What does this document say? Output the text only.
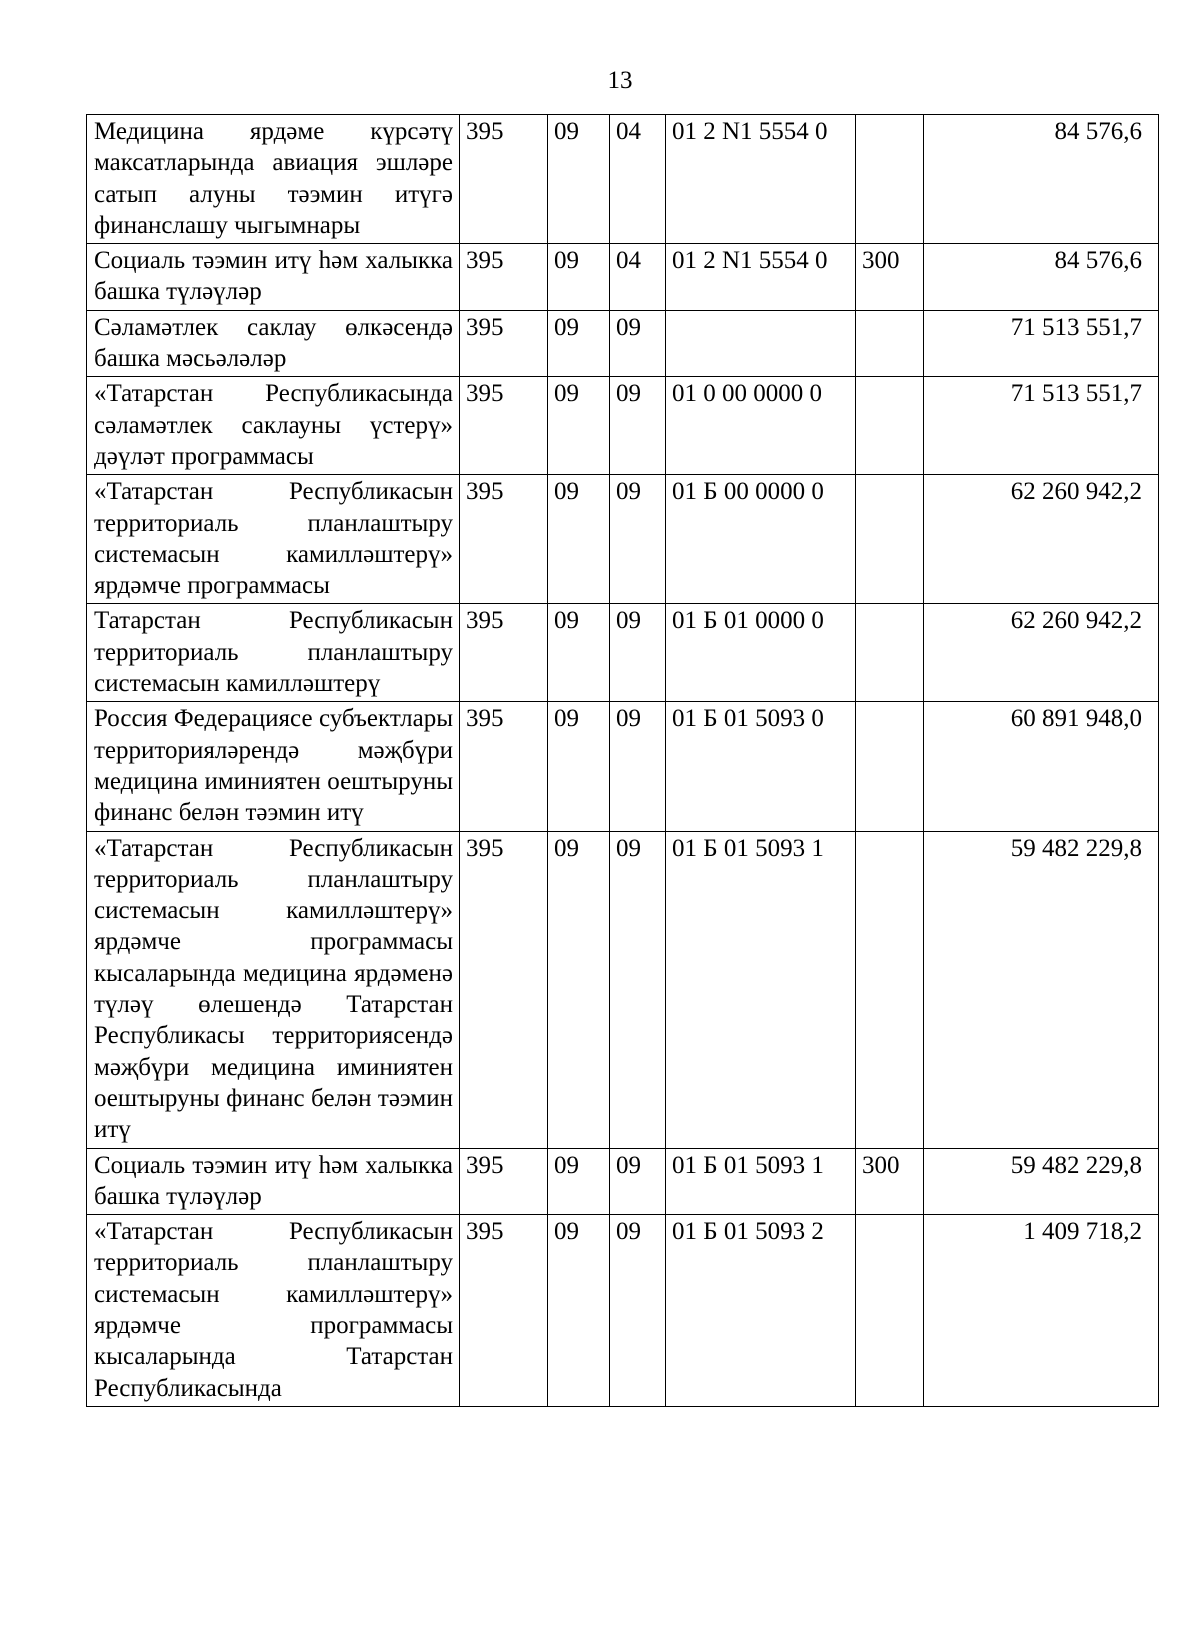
13
Медицина ярдәме күрсәтү максатларында авиация эшләре сатып алуны тәэмин итүгә финанслашу чыгымнары	395	09	04	01 2 N1 5554 0		84 576,6
Социаль тәэмин итү һәм халыкка башка түләүләр	395	09	04	01 2 N1 5554 0	300	84 576,6
Сәламәтлек саклау өлкәсендә башка мәсьәләләр	395	09	09			71 513 551,7
«Татарстан Республикасында сәламәтлек саклауны үстерү» дәүләт программасы	395	09	09	01 0 00 0000 0		71 513 551,7
«Татарстан Республикасын территориаль планлаштыру системасын камилләштерү» ярдәмче программасы	395	09	09	01 Б 00 0000 0		62 260 942,2
Татарстан Республикасын территориаль планлаштыру системасын камилләштерү	395	09	09	01 Б 01 0000 0		62 260 942,2
Россия Федерациясе субъектлары территорияләрендә мәҗбүри медицина иминиятен оештыруны финанс белән тәэмин итү	395	09	09	01 Б 01 5093 0		60 891 948,0
«Татарстан Республикасын территориаль планлаштыру системасын камилләштерү» ярдәмче программасы кысаларында медицина ярдәменә түләү өлешендә Татарстан Республикасы территориясендә мәҗбүри медицина иминиятен оештыруны финанс белән тәэмин итү	395	09	09	01 Б 01 5093 1		59 482 229,8
Социаль тәэмин итү һәм халыкка башка түләүләр	395	09	09	01 Б 01 5093 1	300	59 482 229,8
«Татарстан Республикасын территориаль планлаштыру системасын камилләштерү» ярдәмче программасы кысаларында Татарстан Республикасында	395	09	09	01 Б 01 5093 2		1 409 718,2
